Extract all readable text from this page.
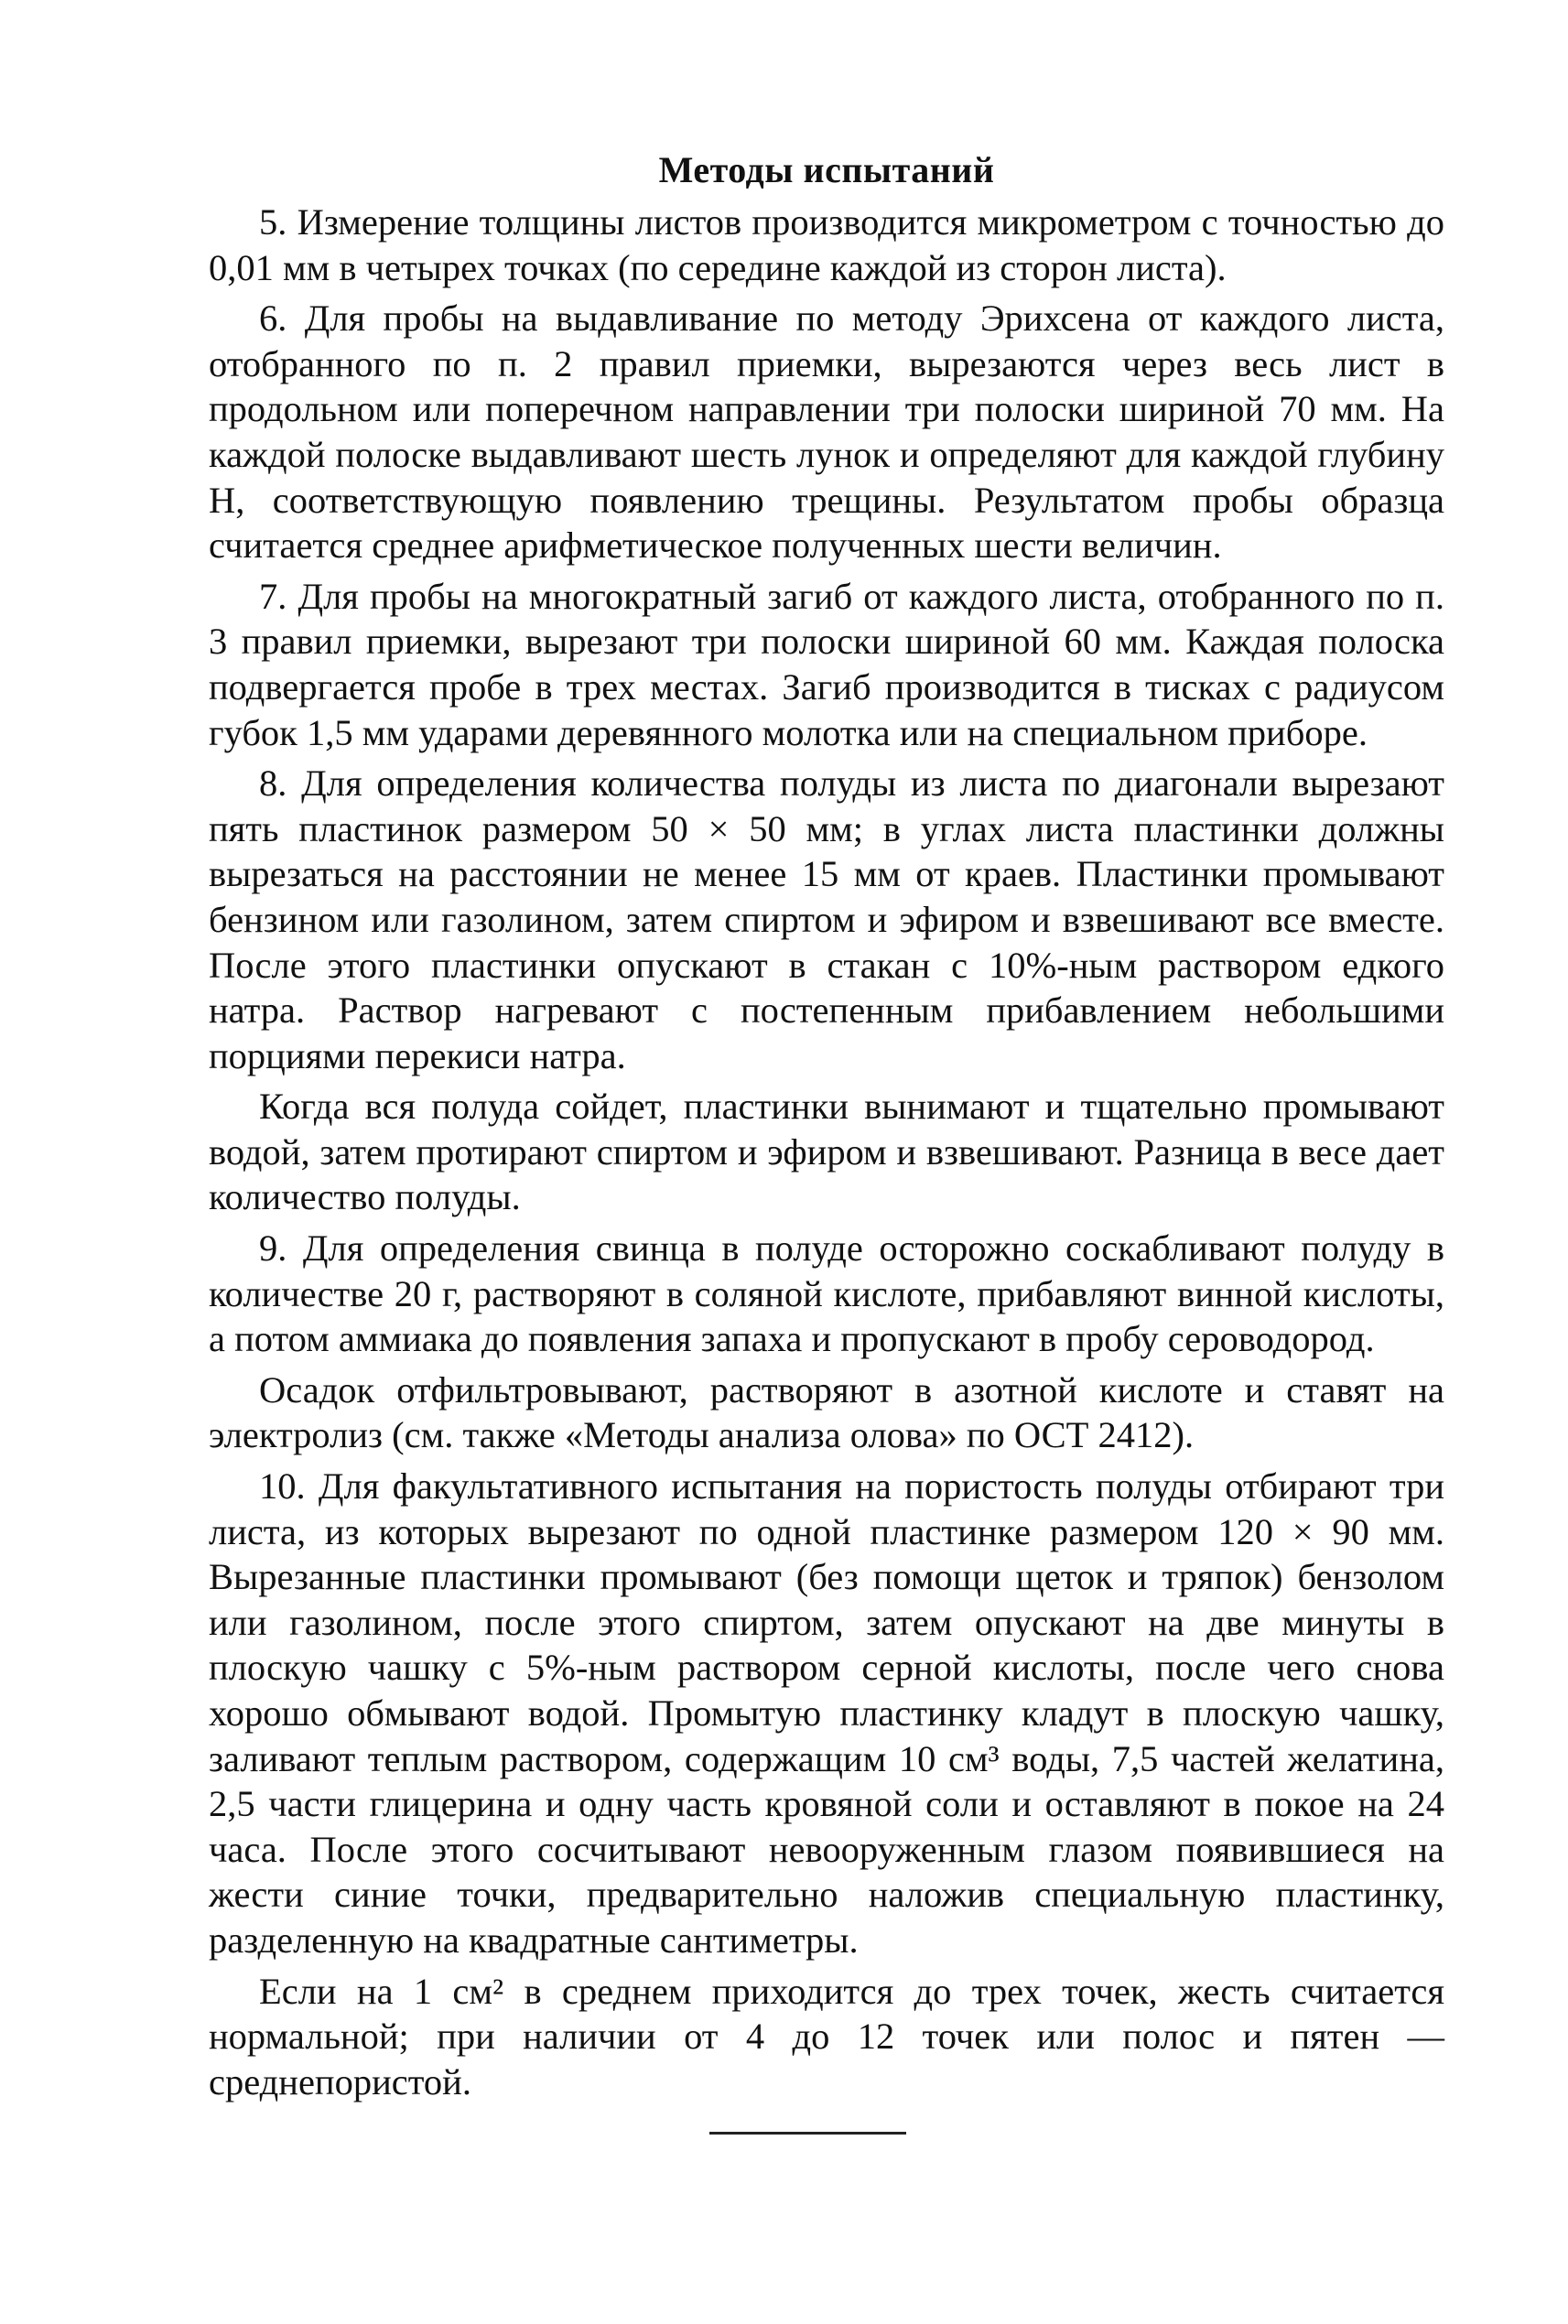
Методы испытаний

5. Измерение толщины листов производится микрометром с точностью до 0,01 мм в четырех точках (по середине каждой из сторон листа).

6. Для пробы на выдавливание по методу Эрихсена от каждого листа, отобранного по п. 2 правил приемки, вырезаются через весь лист в продольном или поперечном направлении три полоски шириной 70 мм. На каждой полоске выдавливают шесть лунок и определяют для каждой глубину H, соответствующую появлению трещины. Результатом пробы образца считается среднее арифметическое полученных шести величин.

7. Для пробы на многократный загиб от каждого листа, отобранного по п. 3 правил приемки, вырезают три полоски шириной 60 мм. Каждая полоска подвергается пробе в трех местах. Загиб производится в тисках с радиусом губок 1,5 мм ударами деревянного молотка или на специальном приборе.

8. Для определения количества полуды из листа по диагонали вырезают пять пластинок размером 50 × 50 мм; в углах листа пластинки должны вырезаться на расстоянии не менее 15 мм от краев. Пластинки промывают бензином или газолином, затем спиртом и эфиром и взвешивают все вместе. После этого пластинки опускают в стакан с 10%-ным раствором едкого натра. Раствор нагревают с постепенным прибавлением небольшими порциями перекиси натра.

Когда вся полуда сойдет, пластинки вынимают и тщательно промывают водой, затем протирают спиртом и эфиром и взвешивают. Разница в весе дает количество полуды.

9. Для определения свинца в полуде осторожно соскабливают полуду в количестве 20 г, растворяют в соляной кислоте, прибавляют винной кислоты, а потом аммиака до появления запаха и пропускают в пробу сероводород.

Осадок отфильтровывают, растворяют в азотной кислоте и ставят на электролиз (см. также «Методы анализа олова» по ОСТ 2412).

10. Для факультативного испытания на пористость полуды отбирают три листа, из которых вырезают по одной пластинке размером 120 × 90 мм. Вырезанные пластинки промывают (без помощи щеток и тряпок) бензолом или газолином, после этого спиртом, затем опускают на две минуты в плоскую чашку с 5%-ным раствором серной кислоты, после чего снова хорошо обмывают водой. Промытую пластинку кладут в плоскую чашку, заливают теплым раствором, содержащим 10 см³ воды, 7,5 частей желатина, 2,5 части глицерина и одну часть кровяной соли и оставляют в покое на 24 часа. После этого сосчитывают невооруженным глазом появившиеся на жести синие точки, предварительно наложив специальную пластинку, разделенную на квадратные сантиметры.

Если на 1 см² в среднем приходится до трех точек, жесть считается нормальной; при наличии от 4 до 12 точек или полос и пятен — среднепористой.
